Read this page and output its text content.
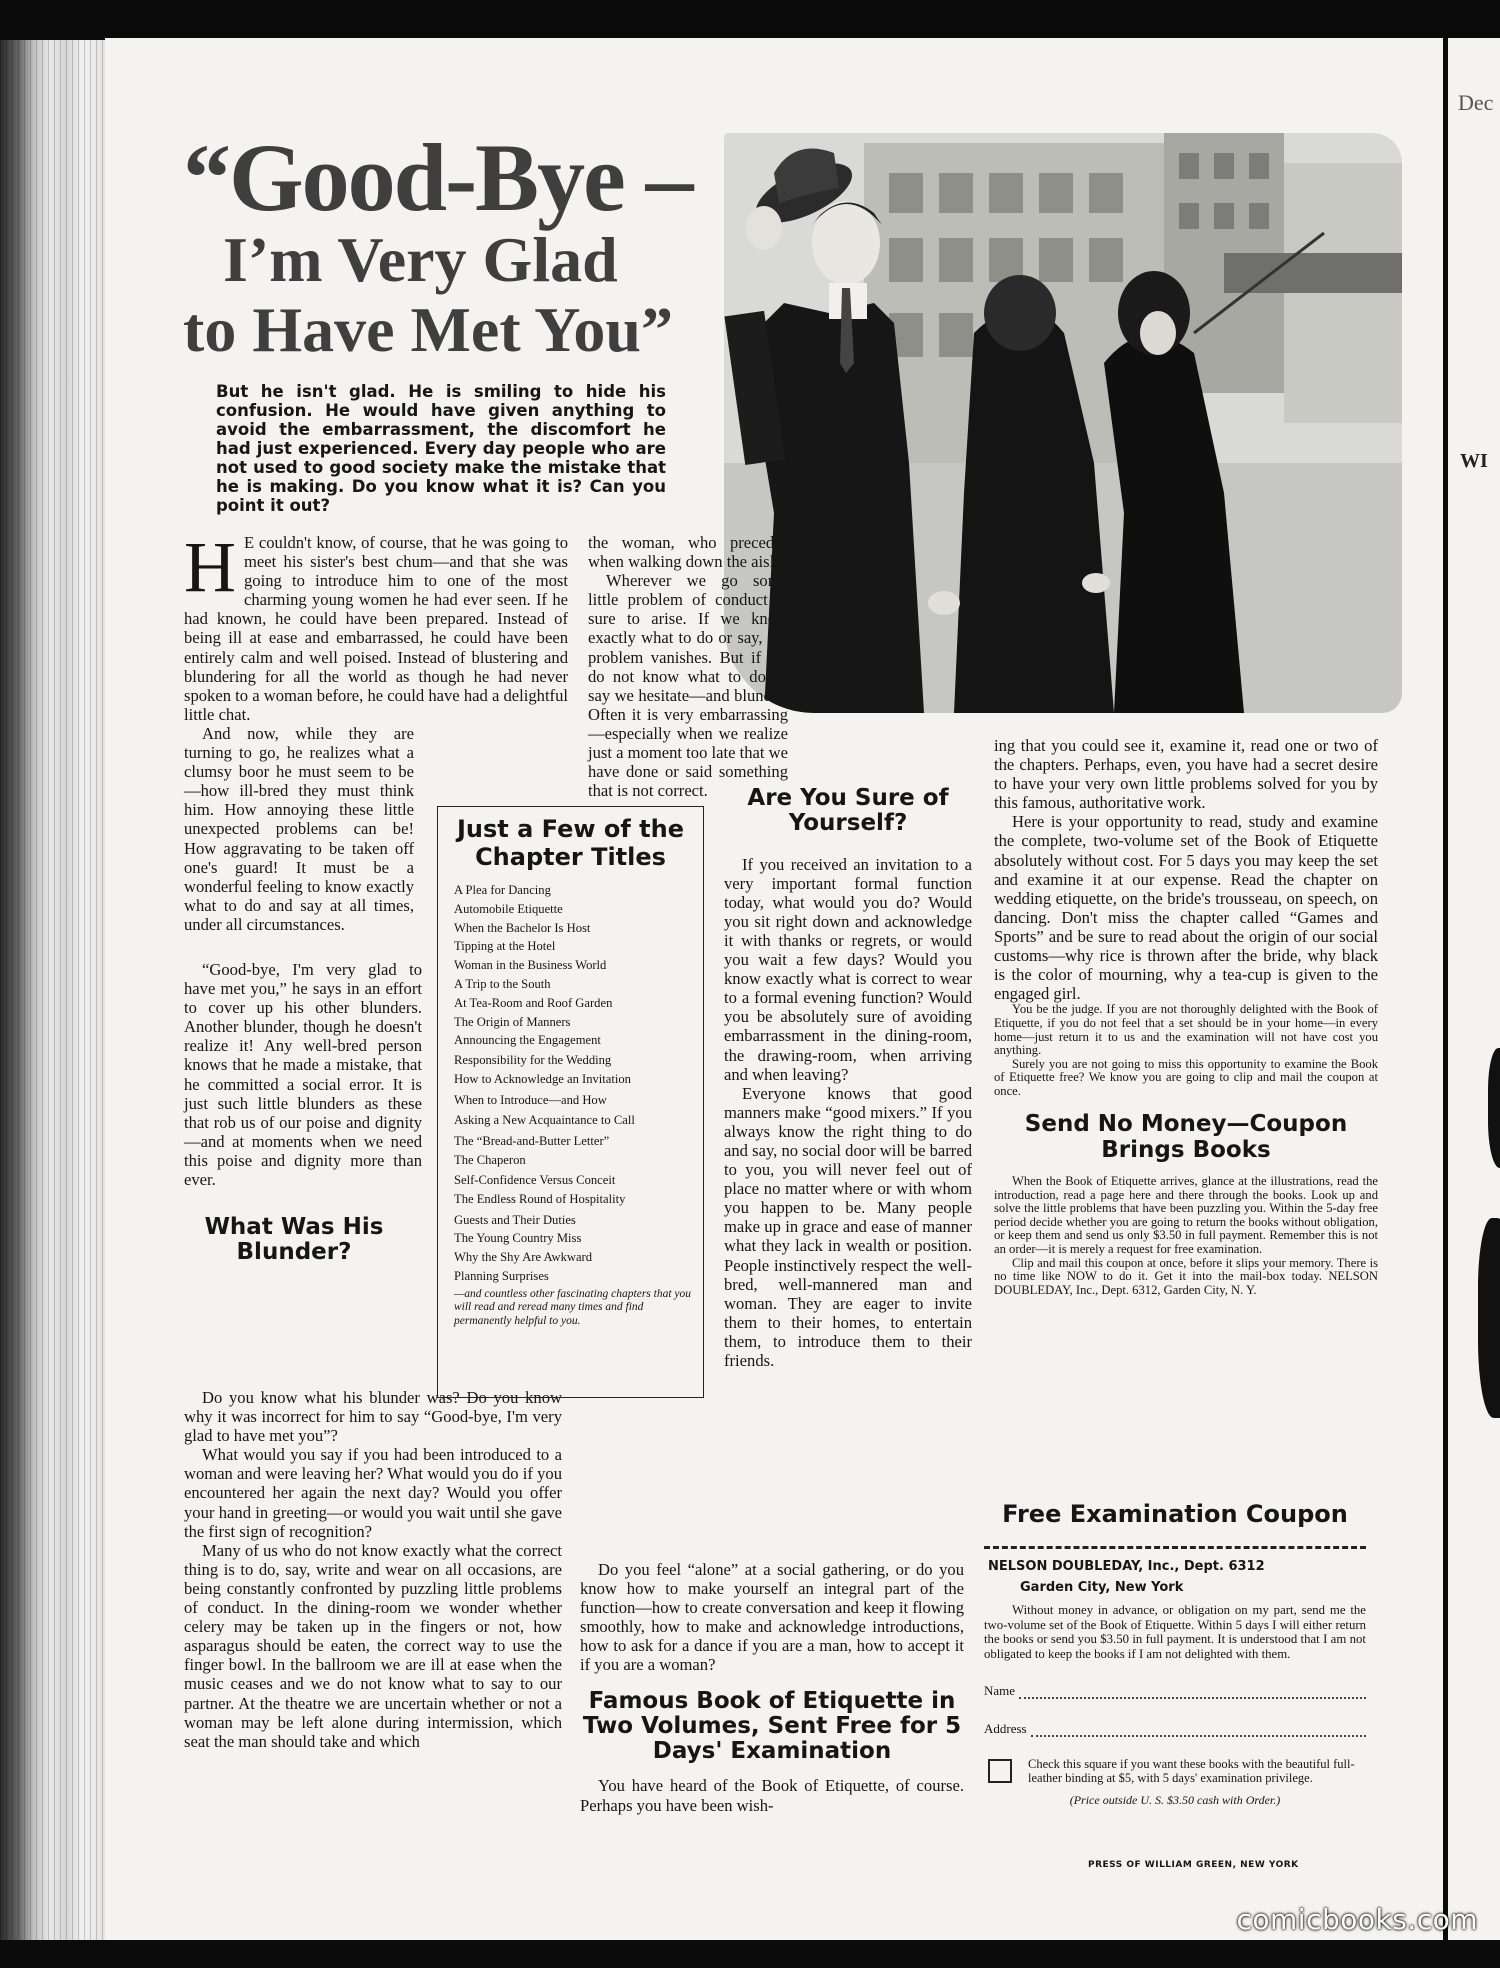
Dec
WI
“Good-Bye –
I’m Very Glad
to Have Met You”
But he isn't glad. He is smiling to hide his confusion. He would have given anything to avoid the embarrassment, the discomfort he had just experienced. Every day people who are not used to good society make the mistake that he is making. Do you know what it is? Can you point it out?

H E couldn't know, of course, that he was going to meet his sister's best chum—and that she was going to introduce him to one of the most charming young women he had ever seen. If he had known, he could have been prepared. Instead of being ill at ease and embarrassed, he could have been entirely calm and well poised. Instead of blustering and blundering for all the world as though he had never spoken to a woman before, he could have had a delightful little chat.

And now, while they are turning to go, he realizes what a clumsy boor he must seem to be—how ill-bred they must think him. How annoying these little unexpected problems can be! How aggravating to be taken off one's guard! It must be a wonderful feeling to know exactly what to do and say at all times, under all circumstances.

“Good-bye, I'm very glad to have met you,” he says in an effort to cover up his other blunders. Another blunder, though he doesn't realize it! Any well-bred person knows that he made a mistake, that he committed a social error. It is just such little blunders as these that rob us of our poise and dignity—and at moments when we need this poise and dignity more than ever.

What Was His Blunder?

Do you know what his blunder was? Do you know why it was incorrect for him to say “Good-bye, I'm very glad to have met you”?

What would you say if you had been introduced to a woman and were leaving her? What would you do if you encountered her again the next day? Would you offer your hand in greeting—or would you wait until she gave the first sign of recognition?

Many of us who do not know exactly what the correct thing is to do, say, write and wear on all occasions, are being constantly confronted by puzzling little problems of conduct. In the dining-room we wonder whether celery may be taken up in the fingers or not, how asparagus should be eaten, the correct way to use the finger bowl. In the ballroom we are ill at ease when the music ceases and we do not know what to say to our partner. At the theatre we are uncertain whether or not a woman may be left alone during intermission, which seat the man should take and which

the woman, who precedes when walking down the aisle.

Wherever we go some little problem of conduct is sure to arise. If we know exactly what to do or say, the problem vanishes. But if we do not know what to do or say we hesitate—and blunder. Often it is very embarrassing—especially when we realize just a moment too late that we have done or said something that is not correct.	Are You Sure of Yourself?

If you received an invitation to a very important formal function today, what would you do? Would you sit right down and acknowledge it with thanks or regrets, or would you wait a few days? Would you know exactly what is correct to wear to a formal evening function? Would you be absolutely sure of avoiding embarrassment in the dining-room, the drawing-room, when arriving and when leaving?

Everyone knows that good manners make “good mixers.” If you always know the right thing to do and say, no social door will be barred to you, you will never feel out of place no matter where or with whom you happen to be. Many people make up in grace and ease of manner what they lack in wealth or position. People instinctively respect the well-bred, well-mannered man and woman. They are eager to invite them to their homes, to entertain them, to introduce them to their friends.

Do you feel “alone” at a social gathering, or do you know how to make yourself an integral part of the function—how to create conversation and keep it flowing smoothly, how to make and acknowledge introductions, how to ask for a dance if you are a man, how to accept it if you are a woman?

Famous Book of Etiquette in Two Volumes, Sent Free for 5 Days' Examination

You have heard of the Book of Etiquette, of course. Perhaps you have been wish-

ing that you could see it, examine it, read one or two of the chapters. Perhaps, even, you have had a secret desire to have your very own little problems solved for you by this famous, authoritative work.

Here is your opportunity to read, study and examine the complete, two-volume set of the Book of Etiquette absolutely without cost. For 5 days you may keep the set and examine it at our expense. Read the chapter on wedding etiquette, on the bride's trousseau, on speech, on dancing. Don't miss the chapter called “Games and Sports” and be sure to read about the origin of our social customs—why rice is thrown after the bride, why black is the color of mourning, why a tea-cup is given to the engaged girl.

You be the judge. If you are not thoroughly delighted with the Book of Etiquette, if you do not feel that a set should be in your home—in every home—just return it to us and the examination will not have cost you anything.

Surely you are not going to miss this opportunity to examine the Book of Etiquette free? We know you are going to clip and mail the coupon at once.

Send No Money—Coupon Brings Books

When the Book of Etiquette arrives, glance at the illustrations, read the introduction, read a page here and there through the books. Look up and solve the little problems that have been puzzling you. Within the 5-day free period decide whether you are going to return the books without obligation, or keep them and send us only $3.50 in full payment. Remember this is not an order—it is merely a request for free examination.

Clip and mail this coupon at once, before it slips your memory. There is no time like NOW to do it. Get it into the mail-box today. NELSON DOUBLEDAY, Inc., Dept. 6312, Garden City, N. Y.

Just a Few of the Chapter Titles
A Plea for Dancing
Automobile Etiquette
When the Bachelor Is Host
Tipping at the Hotel
Woman in the Business World
A Trip to the South
At Tea-Room and Roof Garden
The Origin of Manners
Announcing the Engagement
Responsibility for the Wedding
How to Acknowledge an Invitation
When to Introduce—and How
Asking a New Acquaintance to Call
The “Bread-and-Butter Letter”
The Chaperon
Self-Confidence Versus Conceit
The Endless Round of Hospitality
Guests and Their Duties
The Young Country Miss
Why the Shy Are Awkward
Planning Surprises
—and countless other fascinating chapters that you will read and reread many times and find permanently helpful to you.
Free Examination Coupon
NELSON DOUBLEDAY, Inc., Dept. 6312
Garden City, New York
Without money in advance, or obligation on my part, send me the two-volume set of the Book of Etiquette. Within 5 days I will either return the books or send you $3.50 in full payment. It is understood that I am not obligated to keep the books if I am not delighted with them.
Name
Address
Check this square if you want these books with the beautiful full-leather binding at $5, with 5 days' examination privilege.
(Price outside U. S. $3.50 cash with Order.)
PRESS OF WILLIAM GREEN, NEW YORK
comicbooks.com
